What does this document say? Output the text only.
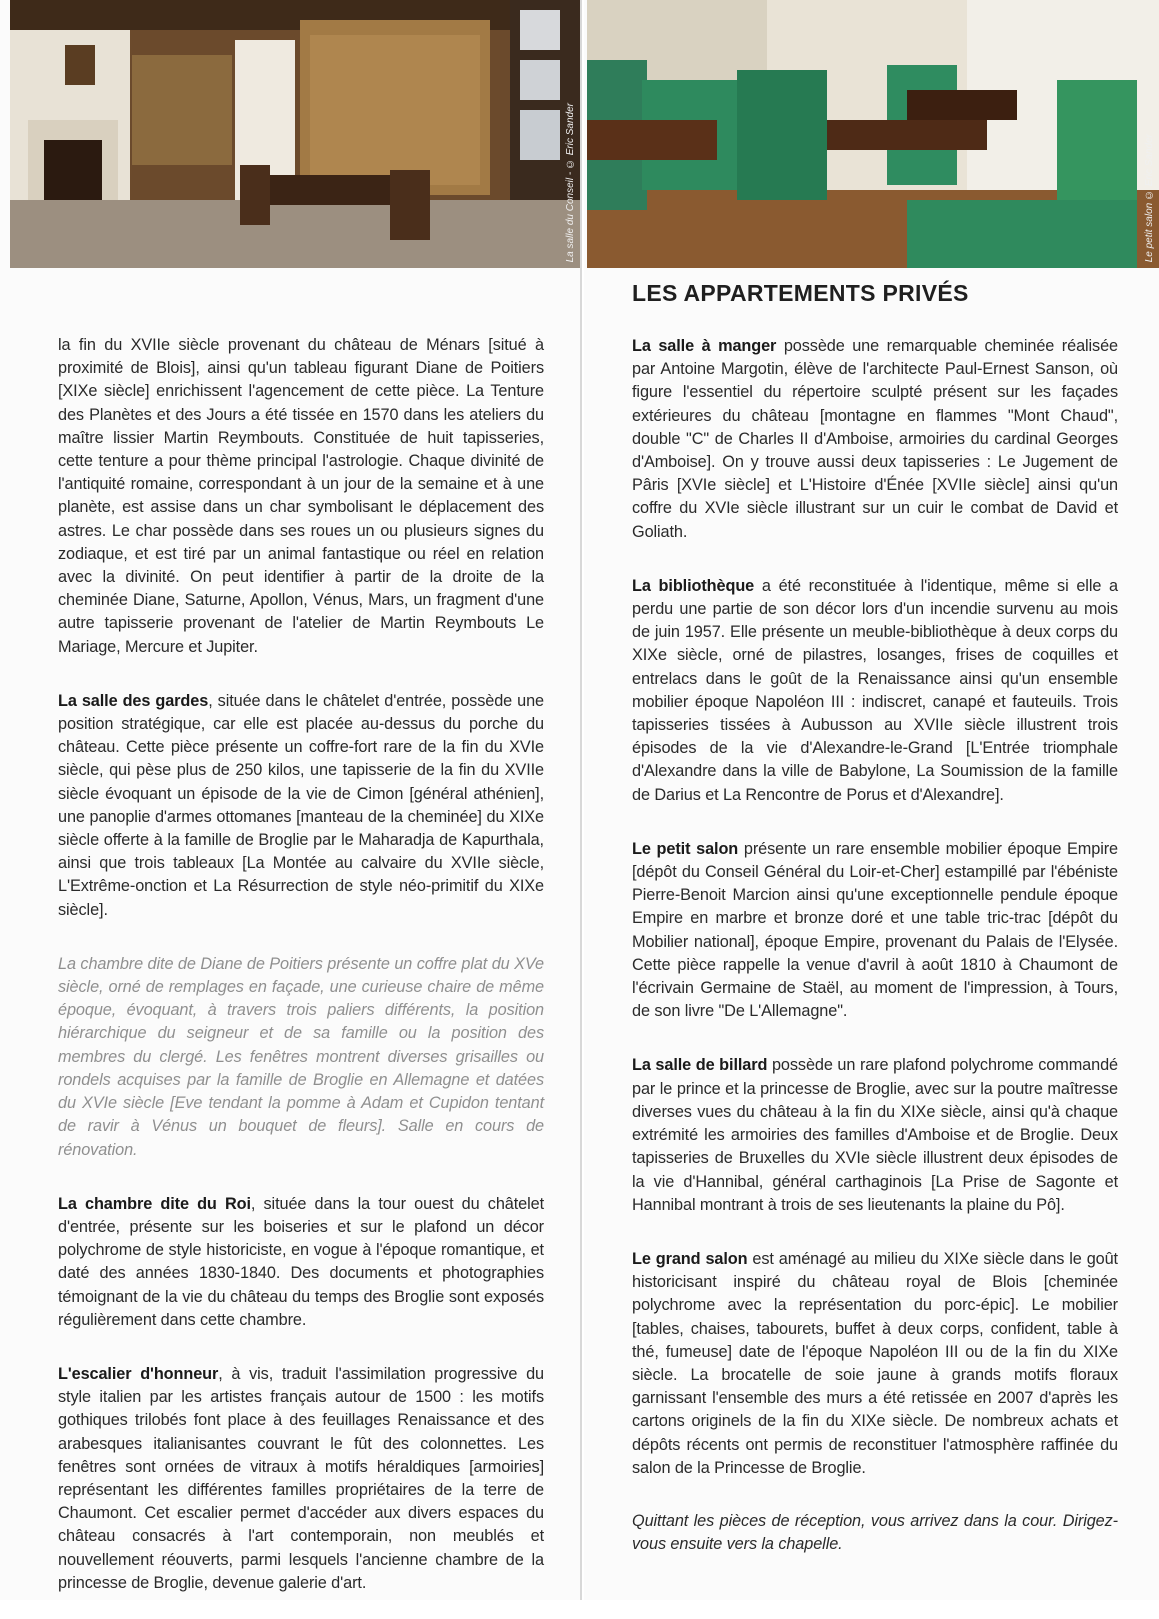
La salle du Conseil - © Eric Sander	Le petit salon © Eric Sander
LES APPARTEMENTS PRIVÉS

la fin du XVIIe siècle provenant du château de Ménars [situé à proximité de Blois], ainsi qu'un tableau figurant Diane de Poitiers [XIXe siècle] enrichissent l'agencement de cette pièce. La Tenture des Planètes et des Jours a été tissée en 1570 dans les ateliers du maître lissier Martin Reymbouts. Constituée de huit tapisseries, cette tenture a pour thème principal l'astrologie. Chaque divinité de l'antiquité romaine, correspondant à un jour de la semaine et à une planète, est assise dans un char symbolisant le déplacement des astres. Le char possède dans ses roues un ou plusieurs signes du zodiaque, et est tiré par un animal fantastique ou réel en relation avec la divinité. On peut identifier à partir de la droite de la cheminée Diane, Saturne, Apollon, Vénus, Mars, un fragment d'une autre tapisserie provenant de l'atelier de Martin Reymbouts Le Mariage, Mercure et Jupiter.

La salle des gardes, située dans le châtelet d'entrée, possède une position stratégique, car elle est placée au-dessus du porche du château. Cette pièce présente un coffre-fort rare de la fin du XVIe siècle, qui pèse plus de 250 kilos, une tapisserie de la fin du XVIIe siècle évoquant un épisode de la vie de Cimon [général athénien], une panoplie d'armes ottomanes [manteau de la cheminée] du XIXe siècle offerte à la famille de Broglie par le Maharadja de Kapurthala, ainsi que trois tableaux [La Montée au calvaire du XVIIe siècle, L'Extrême-onction et La Résurrection de style néo-primitif du XIXe siècle].

La chambre dite de Diane de Poitiers présente un coffre plat du XVe siècle, orné de remplages en façade, une curieuse chaire de même époque, évoquant, à travers trois paliers différents, la position hiérarchique du seigneur et de sa famille ou la position des membres du clergé. Les fenêtres montrent diverses grisailles ou rondels acquises par la famille de Broglie en Allemagne et datées du XVIe siècle [Eve tendant la pomme à Adam et Cupidon tentant de ravir à Vénus un bouquet de fleurs]. Salle en cours de rénovation.

La chambre dite du Roi, située dans la tour ouest du châtelet d'entrée, présente sur les boiseries et sur le plafond un décor polychrome de style historiciste, en vogue à l'époque romantique, et daté des années 1830-1840. Des documents et photographies témoignant de la vie du château du temps des Broglie sont exposés régulièrement dans cette chambre.

L'escalier d'honneur, à vis, traduit l'assimilation progressive du style italien par les artistes français autour de 1500 : les motifs gothiques trilobés font place à des feuillages Renaissance et des arabesques italianisantes couvrant le fût des colonnettes. Les fenêtres sont ornées de vitraux à motifs héraldiques [armoiries] représentant les différentes familles propriétaires de la terre de Chaumont. Cet escalier permet d'accéder aux divers espaces du château consacrés à l'art contemporain, non meublés et nouvellement réouverts, parmi lesquels l'ancienne chambre de la princesse de Broglie, devenue galerie d'art.

La salle à manger possède une remarquable cheminée réalisée par Antoine Margotin, élève de l'architecte Paul-Ernest Sanson, où figure l'essentiel du répertoire sculpté présent sur les façades extérieures du château [montagne en flammes "Mont Chaud", double "C" de Charles II d'Amboise, armoiries du cardinal Georges d'Amboise]. On y trouve aussi deux tapisseries : Le Jugement de Pâris [XVIe siècle] et L'Histoire d'Énée [XVIIe siècle] ainsi qu'un coffre du XVIe siècle illustrant sur un cuir le combat de David et Goliath.

La bibliothèque a été reconstituée à l'identique, même si elle a perdu une partie de son décor lors d'un incendie survenu au mois de juin 1957. Elle présente un meuble-bibliothèque à deux corps du XIXe siècle, orné de pilastres, losanges, frises de coquilles et entrelacs dans le goût de la Renaissance ainsi qu'un ensemble mobilier époque Napoléon III : indiscret, canapé et fauteuils. Trois tapisseries tissées à Aubusson au XVIIe siècle illustrent trois épisodes de la vie d'Alexandre-le-Grand [L'Entrée triomphale d'Alexandre dans la ville de Babylone, La Soumission de la famille de Darius et La Rencontre de Porus et d'Alexandre].

Le petit salon présente un rare ensemble mobilier époque Empire [dépôt du Conseil Général du Loir-et-Cher] estampillé par l'ébéniste Pierre-Benoit Marcion ainsi qu'une exceptionnelle pendule époque Empire en marbre et bronze doré et une table tric-trac [dépôt du Mobilier national], époque Empire, provenant du Palais de l'Elysée. Cette pièce rappelle la venue d'avril à août 1810 à Chaumont de l'écrivain Germaine de Staël, au moment de l'impression, à Tours, de son livre "De L'Allemagne".

La salle de billard possède un rare plafond polychrome commandé par le prince et la princesse de Broglie, avec sur la poutre maîtresse diverses vues du château à la fin du XIXe siècle, ainsi qu'à chaque extrémité les armoiries des familles d'Amboise et de Broglie. Deux tapisseries de Bruxelles du XVIe siècle illustrent deux épisodes de la vie d'Hannibal, général carthaginois [La Prise de Sagonte et Hannibal montrant à trois de ses lieutenants la plaine du Pô].

Le grand salon est aménagé au milieu du XIXe siècle dans le goût historicisant inspiré du château royal de Blois [cheminée polychrome avec la représentation du porc-épic]. Le mobilier [tables, chaises, tabourets, buffet à deux corps, confident, table à thé, fumeuse] date de l'époque Napoléon III ou de la fin du XIXe siècle. La brocatelle de soie jaune à grands motifs floraux garnissant l'ensemble des murs a été retissée en 2007 d'après les cartons originels de la fin du XIXe siècle. De nombreux achats et dépôts récents ont permis de reconstituer l'atmosphère raffinée du salon de la Princesse de Broglie.

Quittant les pièces de réception, vous arrivez dans la cour. Dirigez-vous ensuite vers la chapelle.
